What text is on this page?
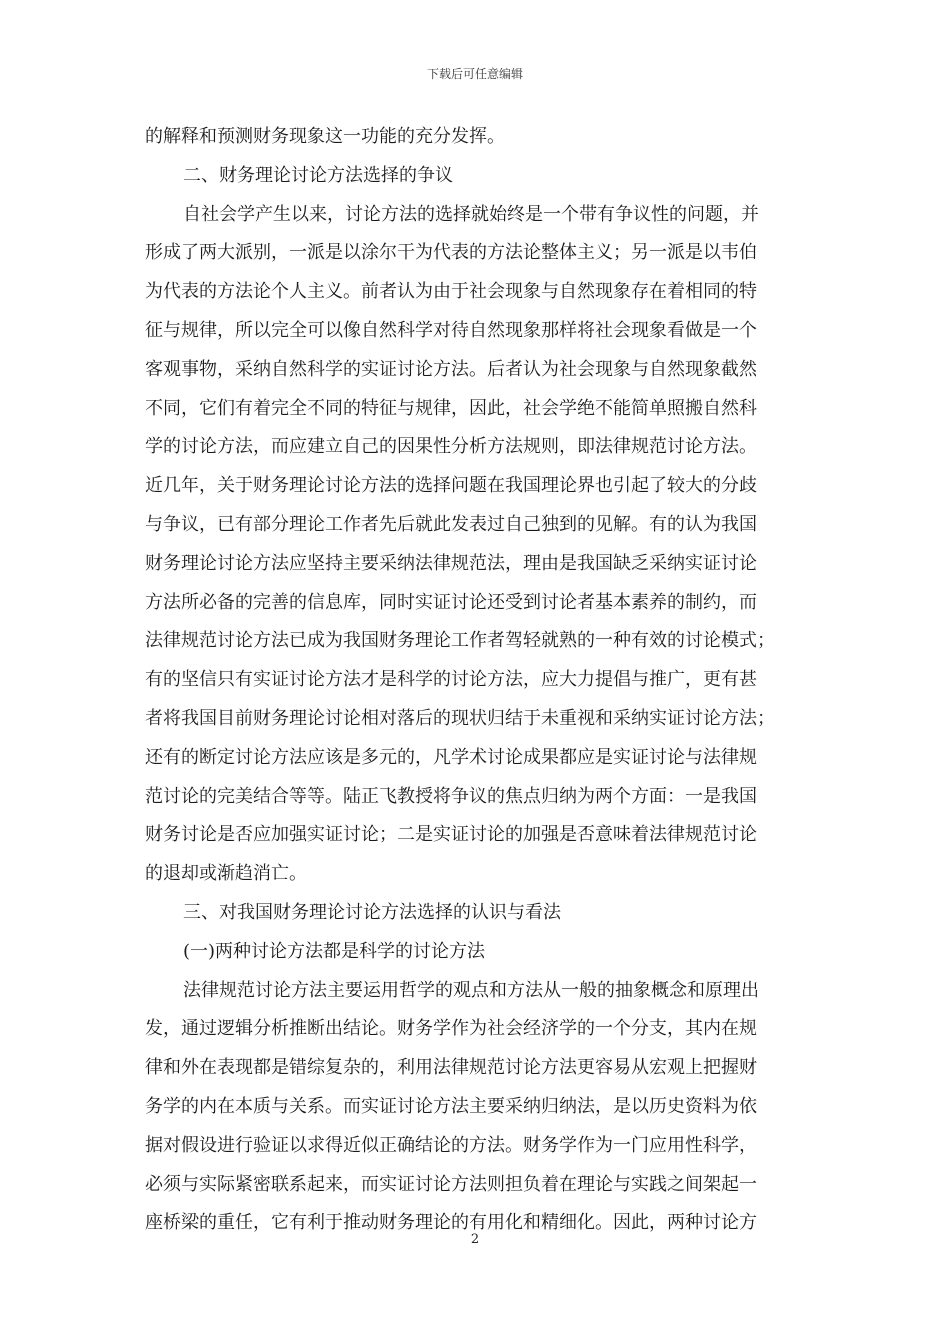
下载后可任意编辑
的解释和预测财务现象这一功能的充分发挥。
二、财务理论讨论方法选择的争议
自社会学产生以来，讨论方法的选择就始终是一个带有争议性的问题，并
形成了两大派别，一派是以涂尔干为代表的方法论整体主义；另一派是以韦伯
为代表的方法论个人主义。前者认为由于社会现象与自然现象存在着相同的特
征与规律，所以完全可以像自然科学对待自然现象那样将社会现象看做是一个
客观事物，采纳自然科学的实证讨论方法。后者认为社会现象与自然现象截然
不同，它们有着完全不同的特征与规律，因此，社会学绝不能简单照搬自然科
学的讨论方法，而应建立自己的因果性分析方法规则，即法律规范讨论方法。
近几年，关于财务理论讨论方法的选择问题在我国理论界也引起了较大的分歧
与争议，已有部分理论工作者先后就此发表过自己独到的见解。有的认为我国
财务理论讨论方法应坚持主要采纳法律规范法，理由是我国缺乏采纳实证讨论
方法所必备的完善的信息库，同时实证讨论还受到讨论者基本素养的制约，而
法律规范讨论方法已成为我国财务理论工作者驾轻就熟的一种有效的讨论模式；
有的坚信只有实证讨论方法才是科学的讨论方法，应大力提倡与推广，更有甚
者将我国目前财务理论讨论相对落后的现状归结于未重视和采纳实证讨论方法；
还有的断定讨论方法应该是多元的，凡学术讨论成果都应是实证讨论与法律规
范讨论的完美结合等等。陆正飞教授将争议的焦点归纳为两个方面：一是我国
财务讨论是否应加强实证讨论；二是实证讨论的加强是否意味着法律规范讨论
的退却或渐趋消亡。
三、对我国财务理论讨论方法选择的认识与看法
(一)两种讨论方法都是科学的讨论方法
法律规范讨论方法主要运用哲学的观点和方法从一般的抽象概念和原理出
发，通过逻辑分析推断出结论。财务学作为社会经济学的一个分支，其内在规
律和外在表现都是错综复杂的，利用法律规范讨论方法更容易从宏观上把握财
务学的内在本质与关系。而实证讨论方法主要采纳归纳法，是以历史资料为依
据对假设进行验证以求得近似正确结论的方法。财务学作为一门应用性科学，
必须与实际紧密联系起来，而实证讨论方法则担负着在理论与实践之间架起一
座桥梁的重任，它有利于推动财务理论的有用化和精细化。因此，两种讨论方
2
